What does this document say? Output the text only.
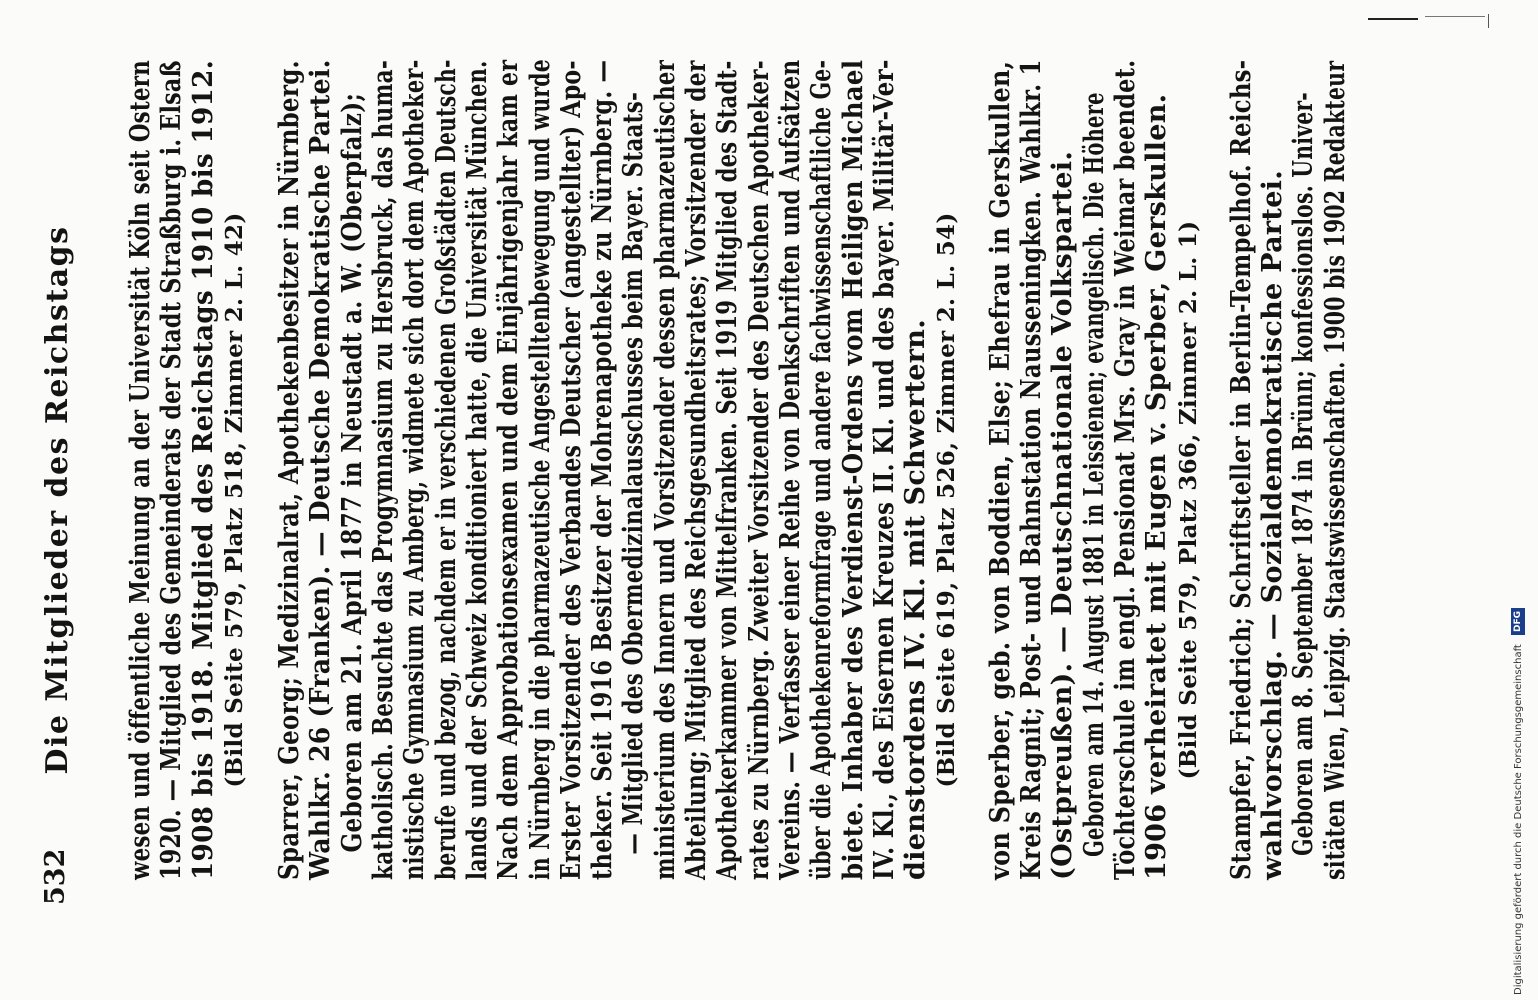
Digitalisierung gefördert durch die Deutsche Forschungsgemeinschaft DFG
532
Die Mitglieder des Reichstags wesen und öffentliche Meinung an der Universität Köln seit Ostern 1920. — Mitglied des Gemeinderats der Stadt Straßburg i. Elsaß 1908 bis 1918. Mitglied des Reichstags 1910 bis 1912. (Bild Seite 579, Platz 518, Zimmer 2. L. 42) Sparrer, Georg; Medizinalrat, Apothekenbesitzer in Nürnberg. Wahlkr. 26 (Franken). — Deutsche Demokratische Partei. Geboren am 21. April 1877 in Neustadt a. W. (Oberpfalz); katholisch. Besuchte das Progymnasium zu Hersbruck, das huma- nistische Gymnasium zu Amberg, widmete sich dort dem Apotheker- berufe und bezog, nachdem er in verschiedenen Großstädten Deutsch- lands und der Schweiz konditioniert hatte, die Universität München. Nach dem Approbationsexamen und dem Einjährigenjahr kam er in Nürnberg in die pharmazeutische Angestelltenbewegung und wurde Erster Vorsitzender des Verbandes Deutscher (angestellter) Apo- theker. Seit 1916 Besitzer der Mohrenapotheke zu Nürnberg. — — Mitglied des Obermedizinalausschusses beim Bayer. Staats- ministerium des Innern und Vorsitzender dessen pharmazeutischer Abteilung; Mitglied des Reichsgesundheitsrates; Vorsitzender der Apothekerkammer von Mittelfranken. Seit 1919 Mitglied des Stadt- rates zu Nürnberg. Zweiter Vorsitzender des Deutschen Apotheker- Vereins. — Verfasser einer Reihe von Denkschriften und Aufsätzen über die Apothekenreformfrage und andere fachwissenschaftliche Ge- biete. Inhaber des Verdienst-Ordens vom Heiligen Michael IV. Kl., des Eisernen Kreuzes II. Kl. und des bayer. Militär-Ver- dienstordens IV. Kl. mit Schwertern. (Bild Seite 619, Platz 526, Zimmer 2. L. 54) von Sperber, geb. von Boddien, Else; Ehefrau in Gerskullen, Kreis Ragnit; Post- und Bahnstation Nausseningken. Wahlkr. 1 (Ostpreußen). — Deutschnationale Volkspartei. Geboren am 14. August 1881 in Leissienen; evangelisch. Die Höhere Töchterschule im engl. Pensionat Mrs. Gray in Weimar beendet. 1906 verheiratet mit Eugen v. Sperber, Gerskullen. (Bild Seite 579, Platz 366, Zimmer 2. L. 1) Stampfer, Friedrich; Schriftsteller in Berlin-Tempelhof. Reichs- wahlvorschlag. — Sozialdemokratische Partei. Geboren am 8. September 1874 in Brünn; konfessionslos. Univer- sitäten Wien, Leipzig. Staatswissenschaften. 1900 bis 1902 Redakteur
